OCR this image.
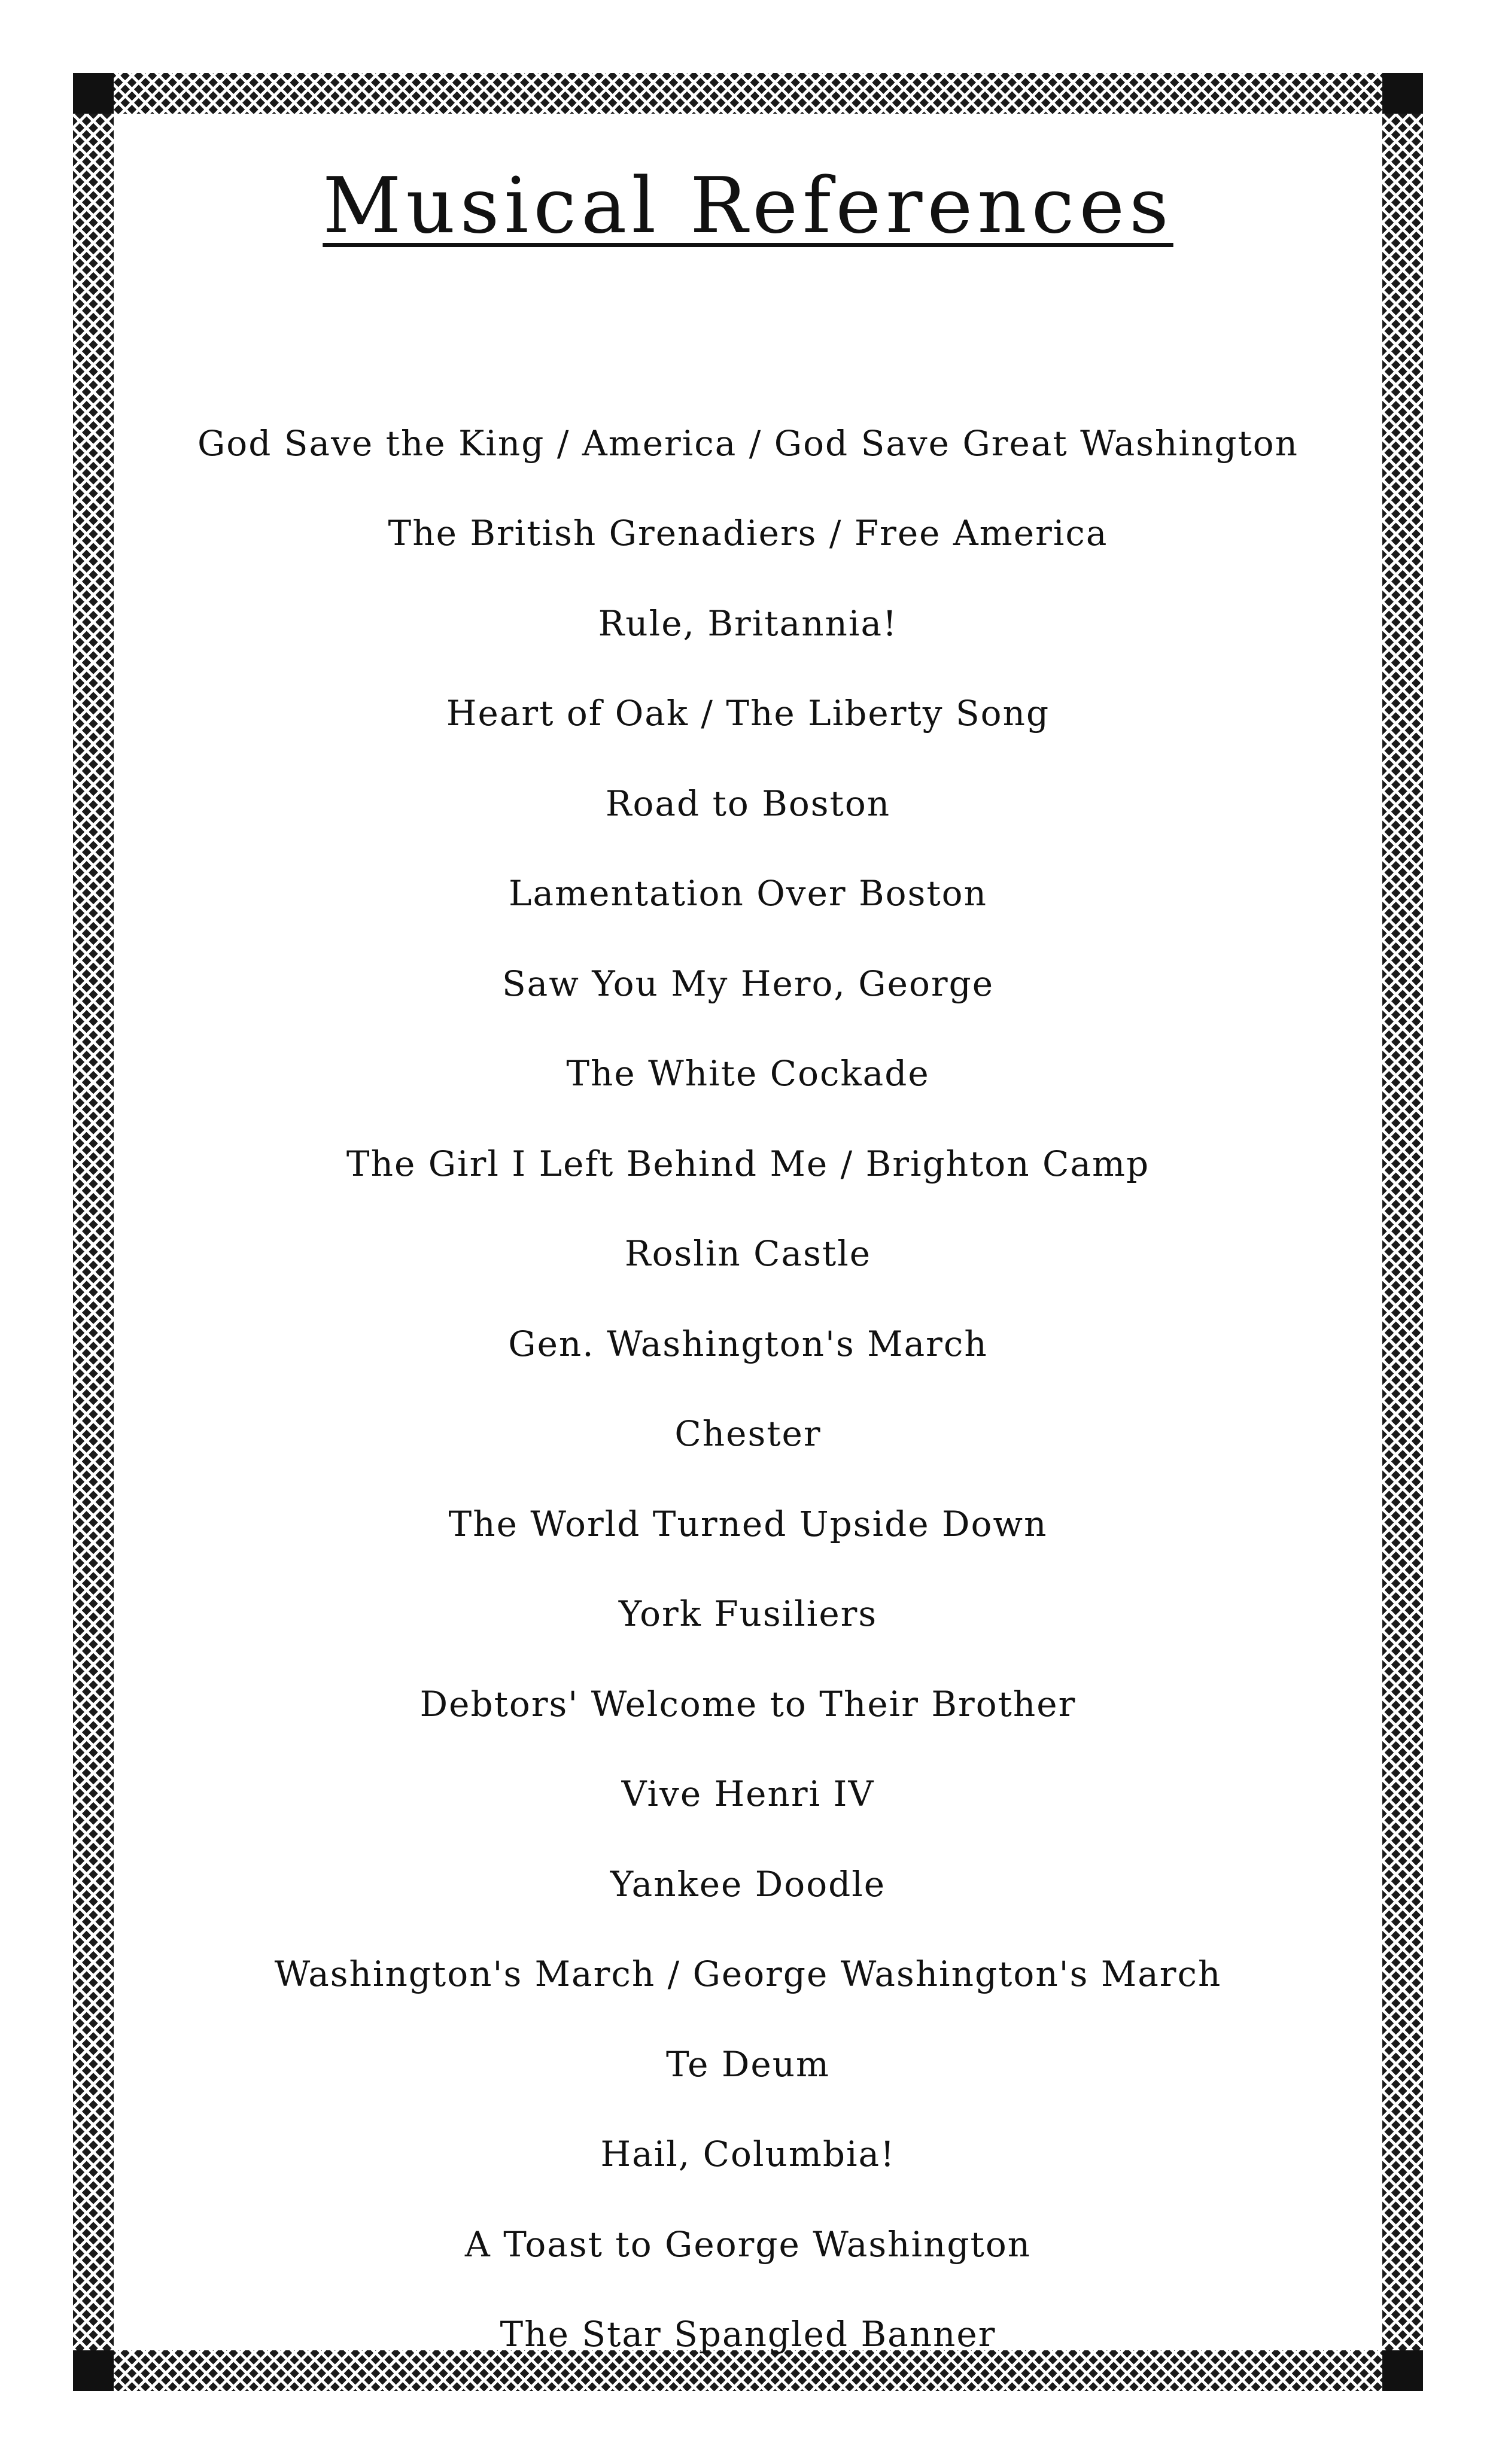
Musical References
God Save the King / America / God Save Great Washington
The British Grenadiers / Free America
Rule, Britannia!
Heart of Oak / The Liberty Song
Road to Boston
Lamentation Over Boston
Saw You My Hero, George
The White Cockade
The Girl I Left Behind Me / Brighton Camp
Roslin Castle
Gen. Washington's March
Chester
The World Turned Upside Down
York Fusiliers
Debtors' Welcome to Their Brother
Vive Henri IV
Yankee Doodle
Washington's March / George Washington's March
Te Deum
Hail, Columbia!
A Toast to George Washington
The Star Spangled Banner
